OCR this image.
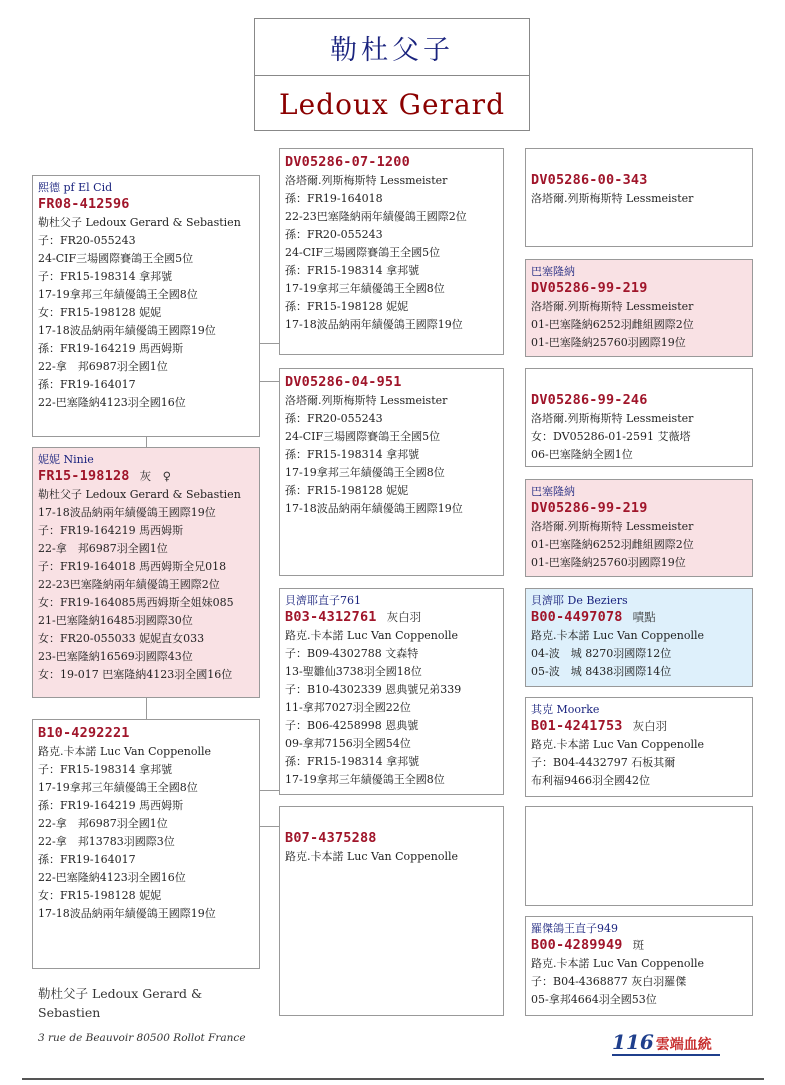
勒杜父子
Ledoux Gerard
熙德 pf El Cid
FR08-412596
勒杜父子 Ledoux Gerard & Sebastien
子：FR20-055243
24-CIF三場國際賽鴿王全國5位
子：FR15-198314 拿邦號
17-19拿邦三年績優鴿王全國8位
女：FR15-198128 妮妮
17-18波品納兩年績優鴿王國際19位
孫：FR19-164219 馬西姆斯
22-拿　邦6987羽全國1位
孫：FR19-164017
22-巴塞隆納4123羽全國16位
妮妮 Ninie
FR15-198128 灰　♀
勒杜父子 Ledoux Gerard & Sebastien
17-18波品納兩年績優鴿王國際19位
子：FR19-164219 馬西姆斯
22-拿　邦6987羽全國1位
子：FR19-164018 馬西姆斯全兄018
22-23巴塞隆納兩年績優鴿王國際2位
女：FR19-164085馬西姆斯全姐妹085
21-巴塞隆納16485羽國際30位
女：FR20-055033 妮妮直女033
23-巴塞隆納16569羽國際43位
女：19-017 巴塞隆納4123羽全國16位
B10-4292221
路克.卡本諾 Luc Van Coppenolle
子：FR15-198314 拿邦號
17-19拿邦三年績優鴿王全國8位
孫：FR19-164219 馬西姆斯
22-拿　邦6987羽全國1位
22-拿　邦13783羽國際3位
孫：FR19-164017
22-巴塞隆納4123羽全國16位
女：FR15-198128 妮妮
17-18波品納兩年績優鴿王國際19位
DV05286-07-1200
洛塔爾.列斯梅斯特 Lessmeister
孫：FR19-164018
22-23巴塞隆納兩年績優鴿王國際2位
孫：FR20-055243
24-CIF三場國際賽鴿王全國5位
孫：FR15-198314 拿邦號
17-19拿邦三年績優鴿王全國8位
孫：FR15-198128 妮妮
17-18波品納兩年績優鴿王國際19位
DV05286-04-951
洛塔爾.列斯梅斯特 Lessmeister
孫：FR20-055243
24-CIF三場國際賽鴿王全國5位
孫：FR15-198314 拿邦號
17-19拿邦三年績優鴿王全國8位
孫：FR15-198128 妮妮
17-18波品納兩年績優鴿王國際19位
貝濟耶直子761
B03-4312761 灰白羽
路克.卡本諾 Luc Van Coppenolle
子：B09-4302788 文森特
13-聖雛仙3738羽全國18位
子：B10-4302339 恩典號兄弟339
11-拿邦7027羽全國22位
子：B06-4258998 恩典號
09-拿邦7156羽全國54位
孫：FR15-198314 拿邦號
17-19拿邦三年績優鴿王全國8位
B07-4375288
路克.卡本諾 Luc Van Coppenolle
DV05286-00-343
洛塔爾.列斯梅斯特 Lessmeister
巴塞隆納
DV05286-99-219
洛塔爾.列斯梅斯特 Lessmeister
01-巴塞隆納6252羽雌組國際2位
01-巴塞隆納25760羽國際19位
DV05286-99-246
洛塔爾.列斯梅斯特 Lessmeister
女：DV05286-01-2591 艾薇塔
06-巴塞隆納全國1位
巴塞隆納
DV05286-99-219
洛塔爾.列斯梅斯特 Lessmeister
01-巴塞隆納6252羽雌組國際2位
01-巴塞隆納25760羽國際19位
貝濟耶 De Beziers
B00-4497078 嘖點
路克.卡本諾 Luc Van Coppenolle
04-波　城 8270羽國際12位
05-波　城 8438羽國際14位
其克 Moorke
B01-4241753 灰白羽
路克.卡本諾 Luc Van Coppenolle
子：B04-4432797 石板其爾
布利福9466羽全國42位
羅傑鴿王直子949
B00-4289949 斑
路克.卡本諾 Luc Van Coppenolle
子：B04-4368877 灰白羽羅傑
05-拿邦4664羽全國53位
勒杜父子 Ledoux Gerard & Sebastien
3 rue de Beauvoir 80500 Rollot France	116 雲端血統
